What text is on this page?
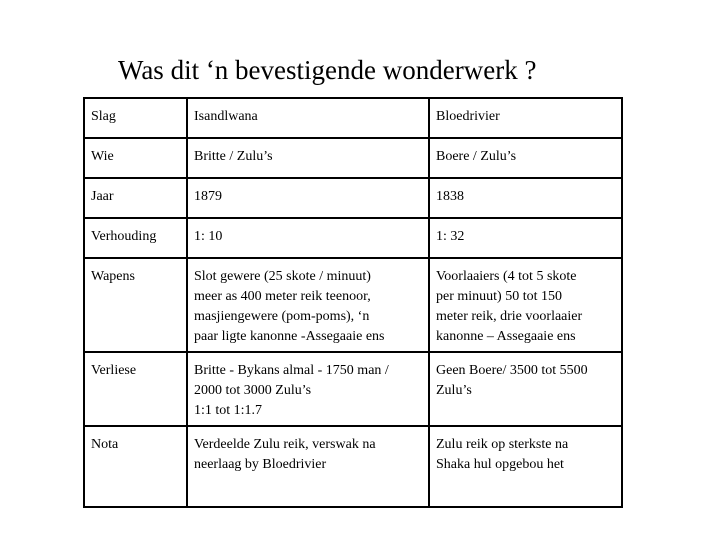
Was dit ‘n bevestigende wonderwerk ?
Slag	Isandlwana	Bloedrivier

Wie	Britte / Zulu’s	Boere / Zulu’s

Jaar	1879	1838

Verhouding	1: 10	1: 32

Wapens	Slot gewere (25 skote / minuut)
meer as 400 meter reik teenoor,
masjiengewere (pom-poms), ‘n
paar ligte kanonne -Assegaaie ens	Voorlaaiers (4 tot 5 skote
per minuut) 50 tot 150
meter reik, drie voorlaaier
kanonne – Assegaaie ens

Verliese	Britte - Bykans almal - 1750 man /
2000 tot 3000 Zulu’s
1:1 tot 1:1.7	Geen Boere/ 3500 tot 5500
Zulu’s

Nota	Verdeelde Zulu reik, verswak na
neerlaag by Bloedrivier	Zulu reik op sterkste na
Shaka hul opgebou het
